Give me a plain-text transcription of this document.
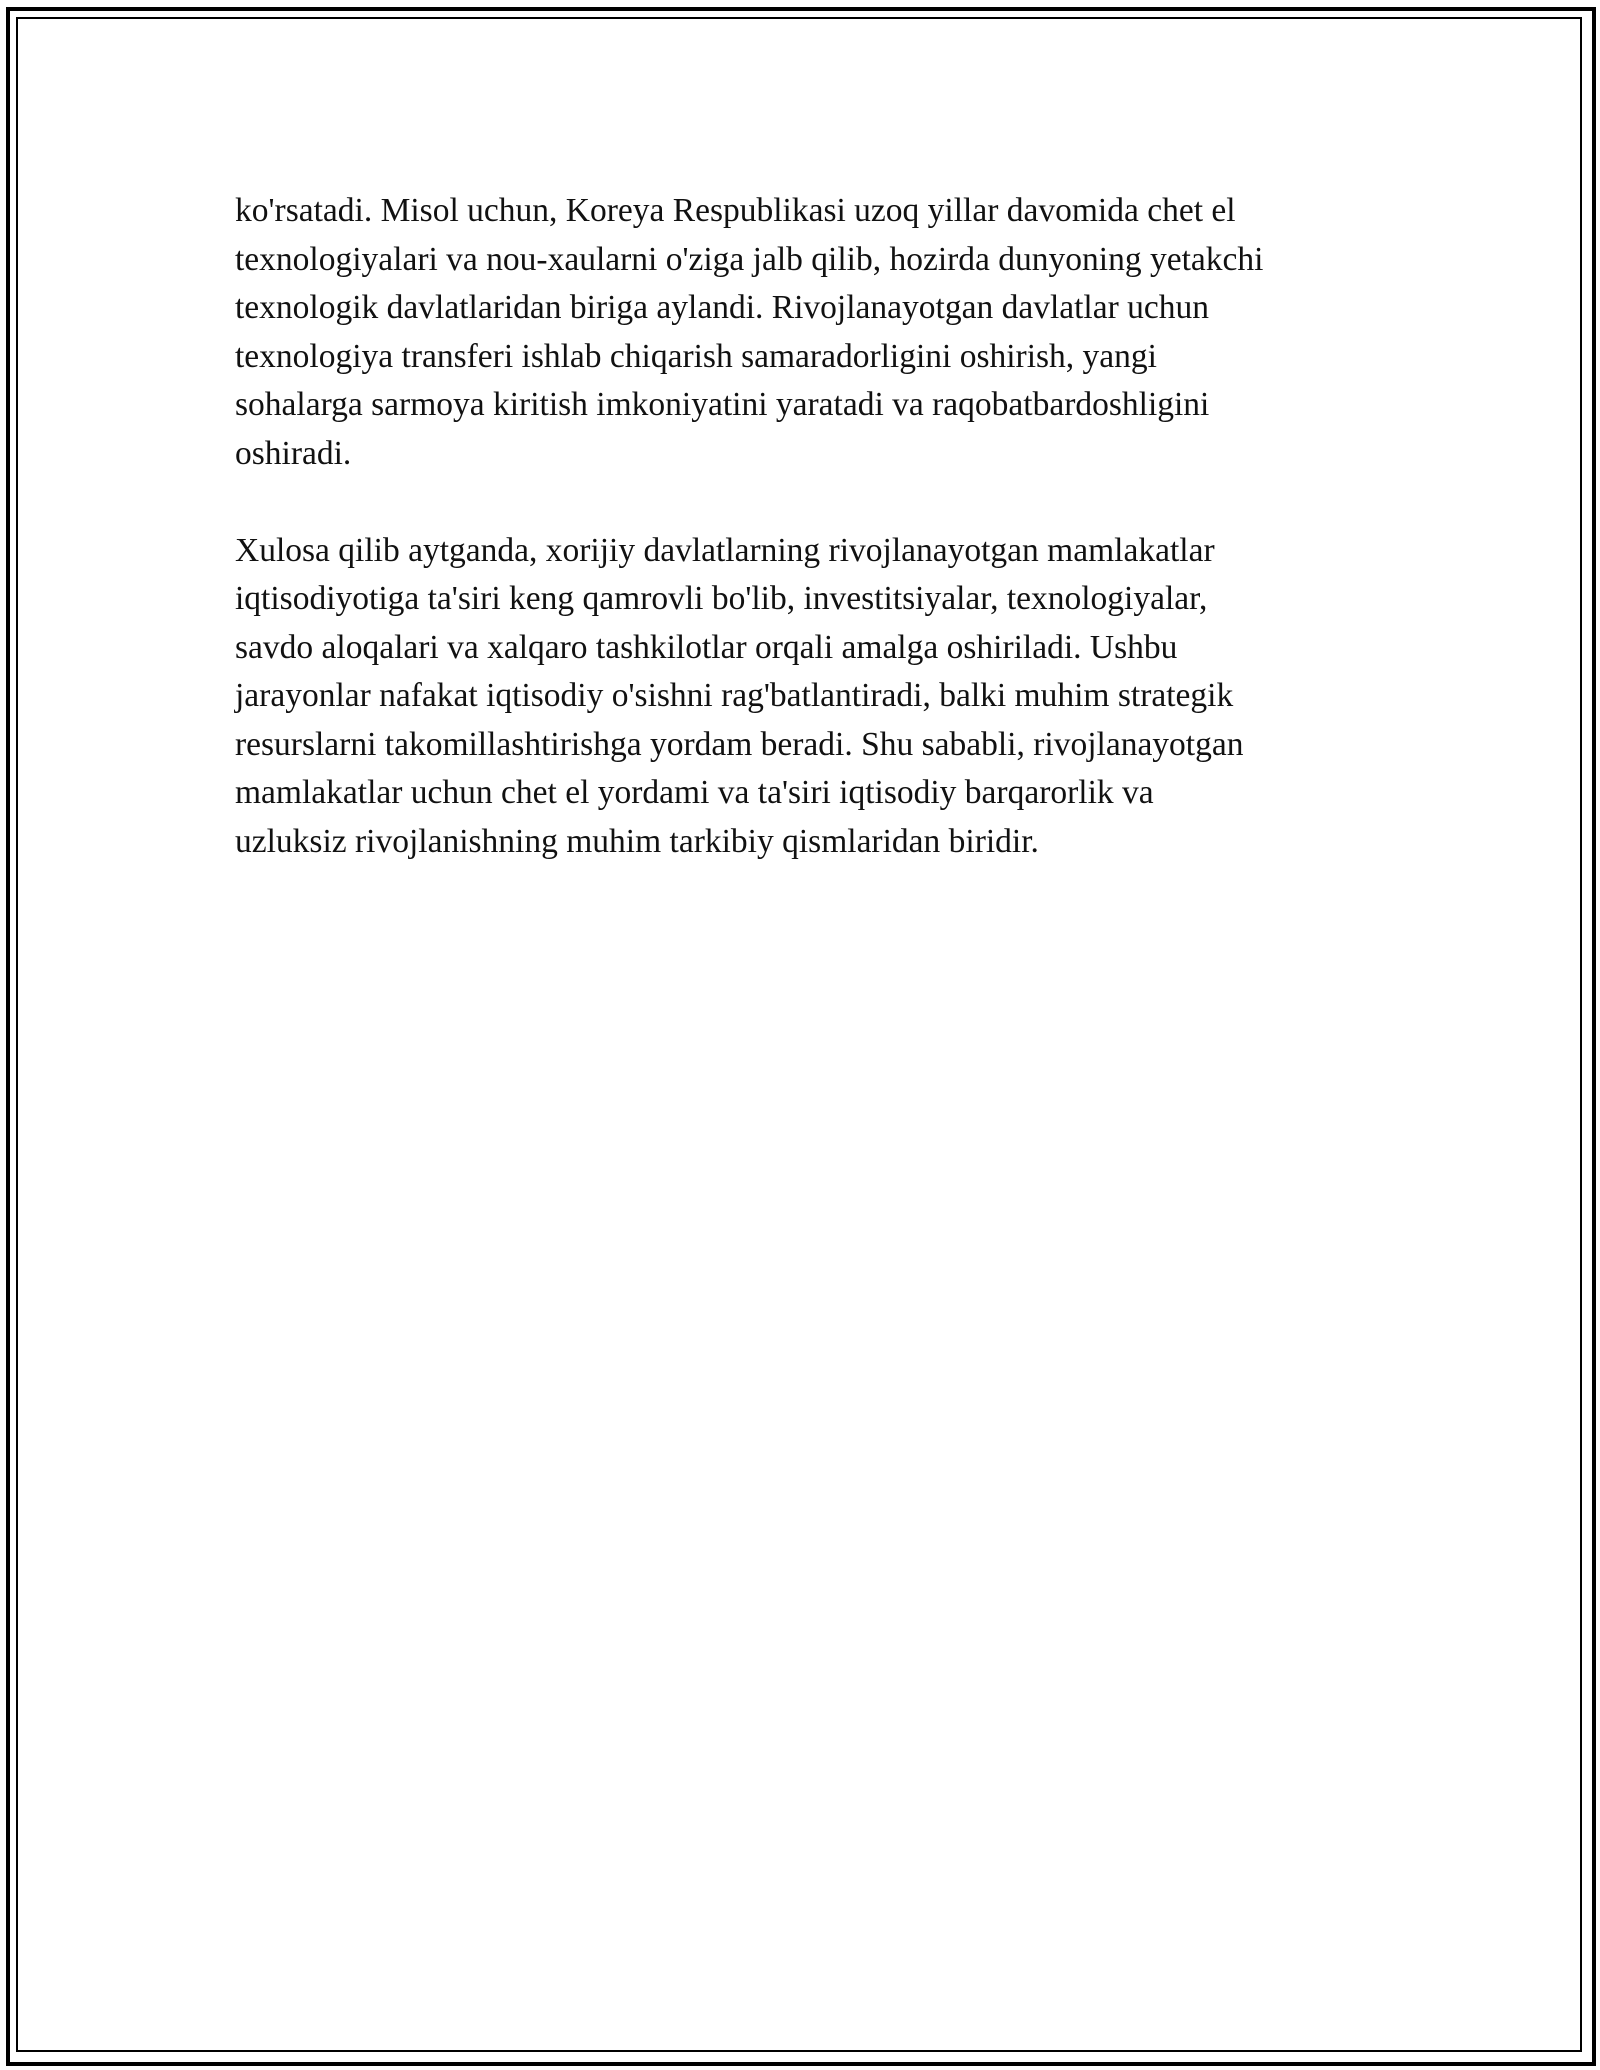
ko'rsatadi. Misol uchun, Koreya Respublikasi uzoq yillar davomida chet el
texnologiyalari va nou-xaularni o'ziga jalb qilib, hozirda dunyoning yetakchi
texnologik davlatlaridan biriga aylandi. Rivojlanayotgan davlatlar uchun
texnologiya transferi ishlab chiqarish samaradorligini oshirish, yangi
sohalarga sarmoya kiritish imkoniyatini yaratadi va raqobatbardoshligini
oshiradi.

Xulosa qilib aytganda, xorijiy davlatlarning rivojlanayotgan mamlakatlar
iqtisodiyotiga ta'siri keng qamrovli bo'lib, investitsiyalar, texnologiyalar,
savdo aloqalari va xalqaro tashkilotlar orqali amalga oshiriladi. Ushbu
jarayonlar nafakat iqtisodiy o'sishni rag'batlantiradi, balki muhim strategik
resurslarni takomillashtirishga yordam beradi. Shu sababli, rivojlanayotgan
mamlakatlar uchun chet el yordami va ta'siri iqtisodiy barqarorlik va
uzluksiz rivojlanishning muhim tarkibiy qismlaridan biridir.
